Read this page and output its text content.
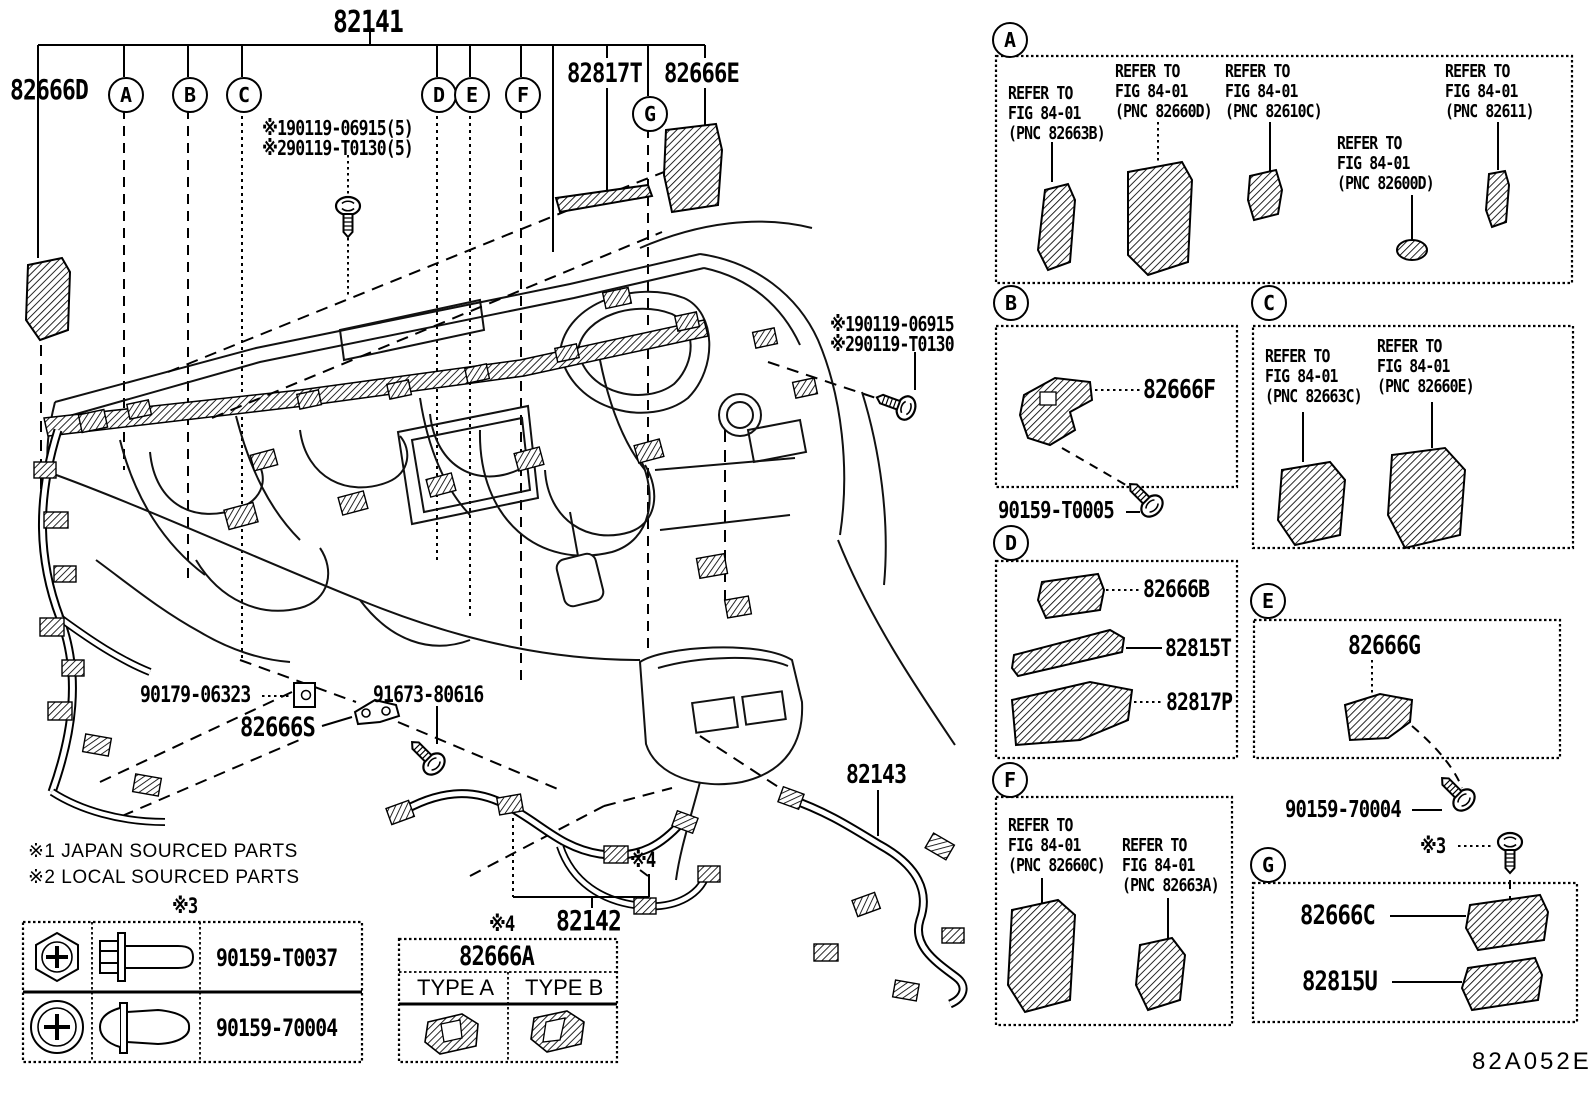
82141
82666D	82817T 82666E
※190119-06915(5)
※290119-T0130(5)
※190119-06915
※290119-T0130
90179-06323
82666S
91673-80616
82143
82142
※4
※1 JAPAN SOURCED PARTS
※2 LOCAL SOURCED PARTS
82A052E
※3
90159-T0037
90159-70004
※4
82666A
TYPE A TYPE B
A	B	C	D	E	F
G
A
B	C
D
E
F
G
REFER TO
FIG 84-01
(PNC 82663B)
REFER TO
FIG 84-01
(PNC 82660D)
REFER TO
FIG 84-01
(PNC 82610C)
REFER TO
FIG 84-01
(PNC 82600D)
REFER TO
FIG 84-01
(PNC 82611)
82666F
90159-T0005
REFER TO
FIG 84-01
(PNC 82663C)
REFER TO
FIG 84-01
(PNC 82660E)
82666B
82815T
82817P
82666G
90159-70004
※3
REFER TO
FIG 84-01
(PNC 82660C)
REFER TO
FIG 84-01
(PNC 82663A)
82666C
82815U
